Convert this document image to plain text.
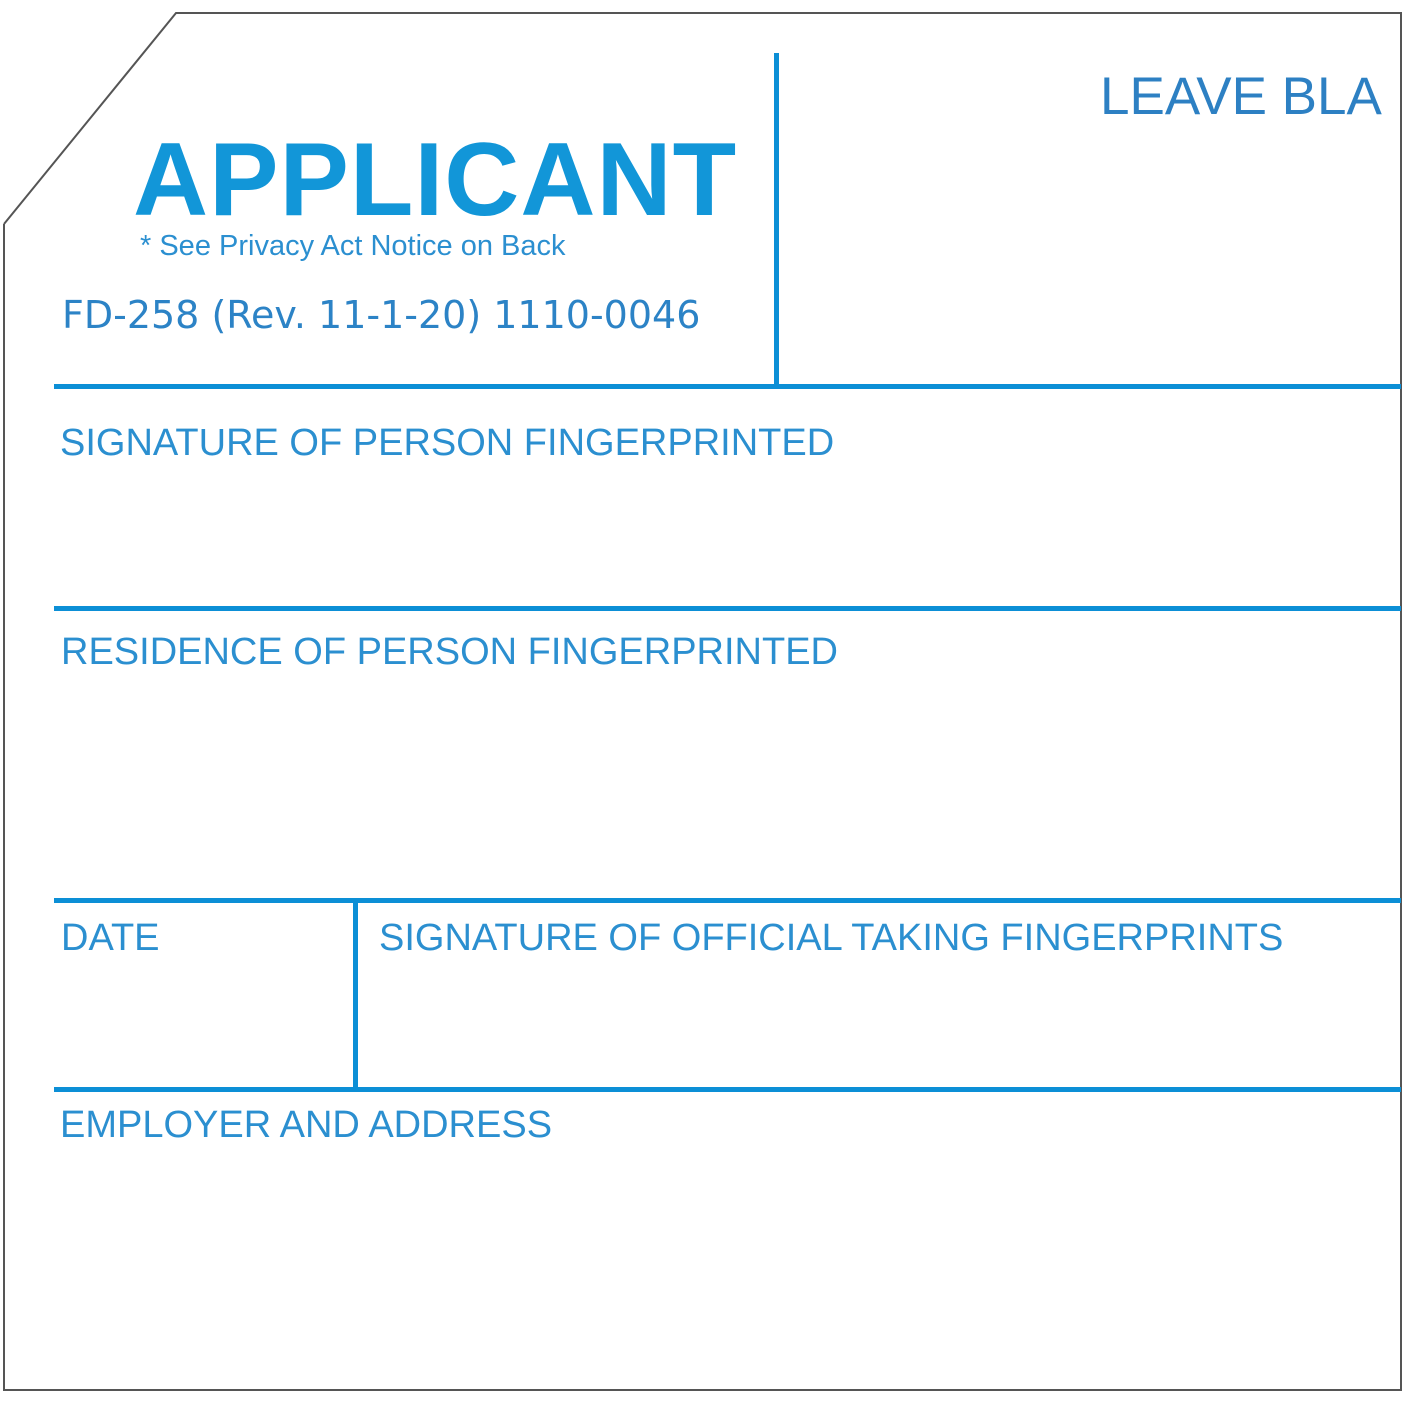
APPLICANT
* See Privacy Act Notice on Back
FD-258 (Rev. 11-1-20) 1110-0046
LEAVE BLA
SIGNATURE OF PERSON FINGERPRINTED
RESIDENCE OF PERSON FINGERPRINTED
DATE	SIGNATURE OF OFFICIAL TAKING FINGERPRINTS
EMPLOYER AND ADDRESS
